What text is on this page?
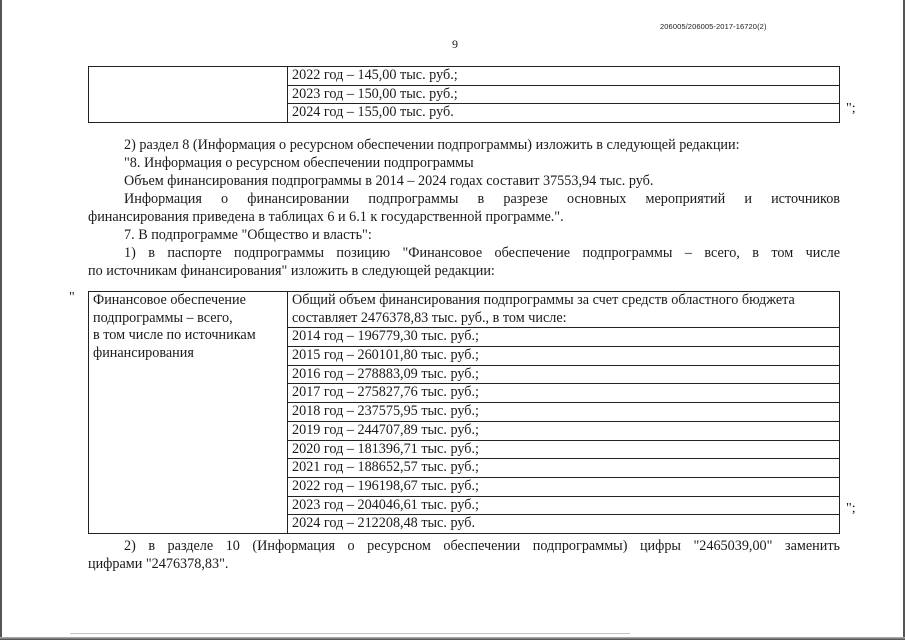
206005/206005-2017-16720(2)
9

2022 год – 145,00 тыс. руб.;
2023 год – 150,00 тыс. руб.;
2024 год – 155,00 тыс. руб.	";
2) раздел 8 (Информация о ресурсном обеспечении подпрограммы) изложить в следующей редакции:
"8. Информация о ресурсном обеспечении подпрограммы
Объем финансирования подпрограммы в 2014 – 2024 годах составит 37553,94 тыс. руб.
Информация о финансировании подпрограммы в разрезе основных мероприятий и источников
финансирования приведена в таблицах 6 и 6.1 к государственной программе.".
7. В подпрограмме "Общество и власть":
1) в паспорте подпрограммы позицию "Финансовое обеспечение подпрограммы – всего, в том числе
по источникам финансирования" изложить в следующей редакции:
" Финансовое обеспечение
подпрограммы – всего,
в том числе по источникам
финансирования

Общий объем финансирования подпрограммы за счет средств областного бюджета
составляет 2476378,83 тыс. руб., в том числе:
2014 год – 196779,30 тыс. руб.;
2015 год – 260101,80 тыс. руб.;
2016 год – 278883,09 тыс. руб.;
2017 год – 275827,76 тыс. руб.;
2018 год – 237575,95 тыс. руб.;
2019 год – 244707,89 тыс. руб.;
2020 год – 181396,71 тыс. руб.;
2021 год – 188652,57 тыс. руб.;
2022 год – 196198,67 тыс. руб.;
2023 год – 204046,61 тыс. руб.;
2024 год – 212208,48 тыс. руб.
";
2) в разделе 10 (Информация о ресурсном обеспечении подпрограммы) цифры "2465039,00" заменить
цифрами "2476378,83".
